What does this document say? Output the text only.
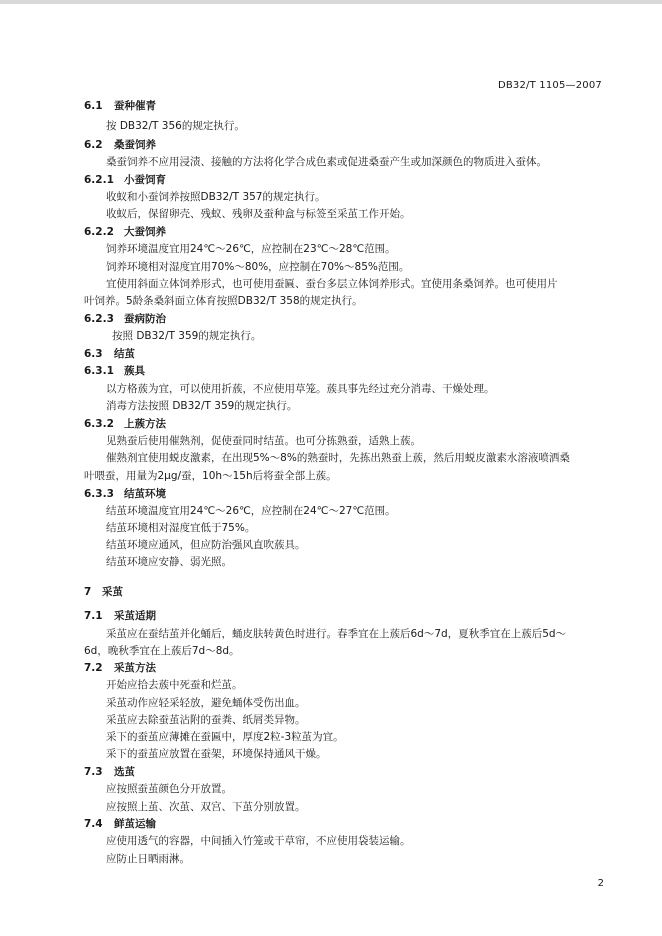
DB32/T 1105—2007
6.1 蚕种催青
按 DB32/T 356的规定执行。
6.2 桑蚕饲养
桑蚕饲养不应用浸渍、接触的方法将化学合成色素或促进桑蚕产生或加深颜色的物质进入蚕体。
6.2.1 小蚕饲育
收蚁和小蚕饲养按照DB32/T 357的规定执行。
收蚁后，保留卵壳、残蚁、残卵及蚕种盒与标签至采茧工作开始。
6.2.2 大蚕饲养
饲养环境温度宜用24℃～26℃，应控制在23℃～28℃范围。
饲养环境相对湿度宜用70%～80%，应控制在70%～85%范围。
宜使用斜面立体饲养形式，也可使用蚕匾、蚕台多层立体饲养形式。宜使用条桑饲养。也可使用片
叶饲养。5龄条桑斜面立体育按照DB32/T 358的规定执行。
6.2.3 蚕病防治
按照 DB32/T 359的规定执行。
6.3 结茧
6.3.1 蔟具
以方格蔟为宜，可以使用折蔟，不应使用草笼。蔟具事先经过充分消毒、干燥处理。
消毒方法按照 DB32/T 359的规定执行。
6.3.2 上蔟方法
见熟蚕后使用催熟剂，促使蚕同时结茧。也可分拣熟蚕，适熟上蔟。
催熟剂宜使用蜕皮激素，在出现5%～8%的熟蚕时，先拣出熟蚕上蔟，然后用蜕皮激素水溶液喷洒桑
叶喂蚕，用量为2μg/蚕，10h～15h后将蚕全部上蔟。
6.3.3 结茧环境
结茧环境温度宜用24℃～26℃，应控制在24℃～27℃范围。
结茧环境相对湿度宜低于75%。
结茧环境应通风，但应防治强风直吹蔟具。
结茧环境应安静、弱光照。
7 采茧
7.1 采茧适期
采茧应在蚕结茧并化蛹后，蛹皮肤转黄色时进行。春季宜在上蔟后6d～7d，夏秋季宜在上蔟后5d～
6d，晚秋季宜在上蔟后7d～8d。
7.2 采茧方法
开始应拾去蔟中死蚕和烂茧。
采茧动作应轻采轻放，避免蛹体受伤出血。
采茧应去除蚕茧沾附的蚕粪、纸屑类异物。
采下的蚕茧应薄摊在蚕匾中，厚度2粒-3粒茧为宜。
采下的蚕茧应放置在蚕架，环境保持通风干燥。
7.3 选茧
应按照蚕茧颜色分开放置。
应按照上茧、次茧、双宫、下茧分别放置。
7.4 鲜茧运输
应使用透气的容器，中间插入竹笼或干草帘，不应使用袋装运输。
应防止日晒雨淋。
2
